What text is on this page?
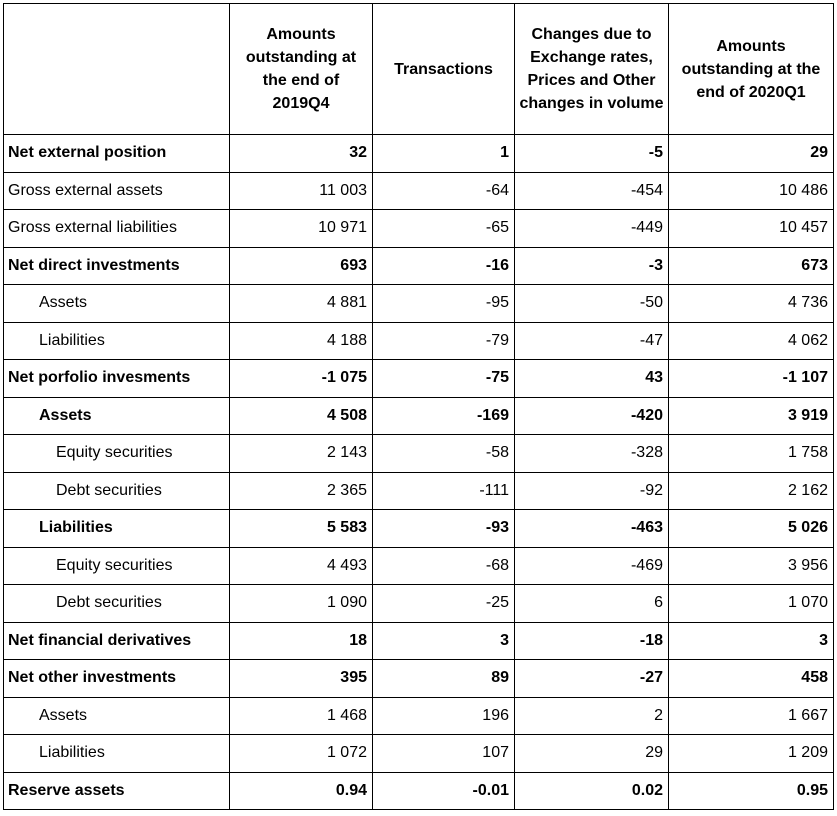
	Amounts outstanding at the end of 2019Q4	Transactions	Changes due to Exchange rates, Prices and Other changes in volume	Amounts outstanding at the end of 2020Q1
Net external position	32	1	-5	29
Gross external assets	11 003	-64	-454	10 486
Gross external liabilities	10 971	-65	-449	10 457
Net direct investments	693	-16	-3	673
Assets	4 881	-95	-50	4 736
Liabilities	4 188	-79	-47	4 062
Net porfolio invesments	-1 075	-75	43	-1 107
Assets	4 508	-169	-420	3 919
Equity securities	2 143	-58	-328	1 758
Debt securities	2 365	-111	-92	2 162
Liabilities	5 583	-93	-463	5 026
Equity securities	4 493	-68	-469	3 956
Debt securities	1 090	-25	6	1 070
Net financial derivatives	18	3	-18	3
Net other investments	395	89	-27	458
Assets	1 468	196	2	1 667
Liabilities	1 072	107	29	1 209
Reserve assets	0.94	-0.01	0.02	0.95
